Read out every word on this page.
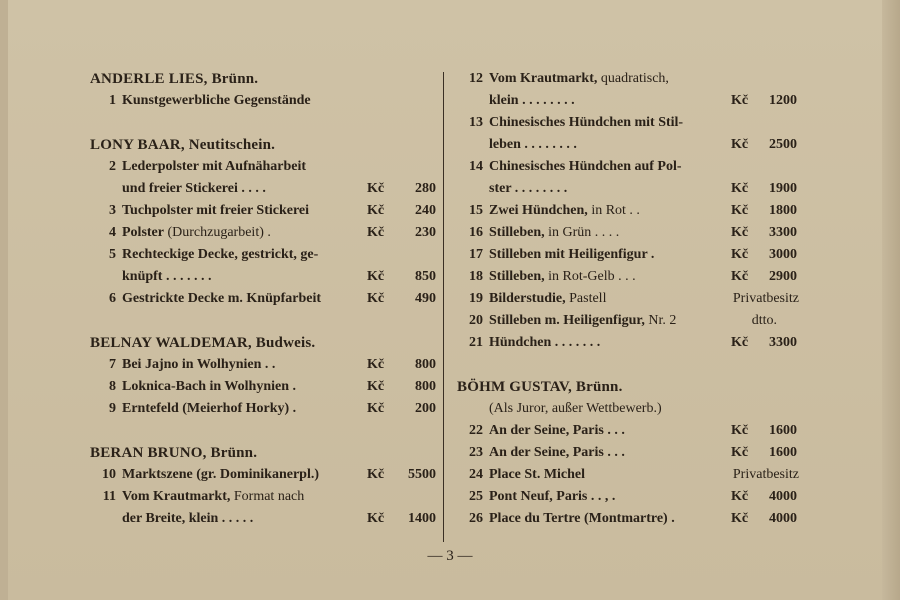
ANDERLE LIES, Brünn.
1 Kunstgewerbliche Gegenstände
LONY BAAR, Neutitschein.
2 Lederpolster mit Aufnäharbeit
und freier Stickerei . . . .	Kč	280
3 Tuchpolster mit freier Stickerei	Kč	240
4 Polster (Durchzugarbeit) .	Kč	230
5 Rechteckige Decke, gestrickt, ge-
knüpft . . . . . . .	Kč	850
6 Gestrickte Decke m. Knüpfarbeit	Kč	490
BELNAY WALDEMAR, Budweis.
7 Bei Jajno in Wolhynien . .	Kč	800
8 Loknica-Bach in Wolhynien .	Kč	800
9 Erntefeld (Meierhof Horky) .	Kč	200
BERAN BRUNO, Brünn.
10 Marktszene (gr. Dominikanerpl.)	Kč	5500
11 Vom Krautmarkt, Format nach
der Breite, klein . . . . .	Kč	1400
12 Vom Krautmarkt, quadratisch,
klein . . . . . . . .	Kč	1200
13 Chinesisches Hündchen mit Stil-
leben . . . . . . . .	Kč	2500
14 Chinesisches Hündchen auf Pol-
ster . . . . . . . .	Kč	1900
15 Zwei Hündchen, in Rot . .	Kč	1800
16 Stilleben, in Grün . . . .	Kč	3300
17 Stilleben mit Heiligenfigur .	Kč	3000
18 Stilleben, in Rot-Gelb . . .	Kč	2900
19 Bilderstudie, Pastell	Privatbesitz
20 Stilleben m. Heiligenfigur, Nr. 2	dtto.
21 Hündchen . . . . . . .	Kč	3300
BÖHM GUSTAV, Brünn.
(Als Juror, außer Wettbewerb.)
22 An der Seine, Paris . . .	Kč	1600
23 An der Seine, Paris . . .	Kč	1600
24 Place St. Michel	Privatbesitz
25 Pont Neuf, Paris . . , .	Kč	4000
26 Place du Tertre (Montmartre) .	Kč	4000
— 3 —
